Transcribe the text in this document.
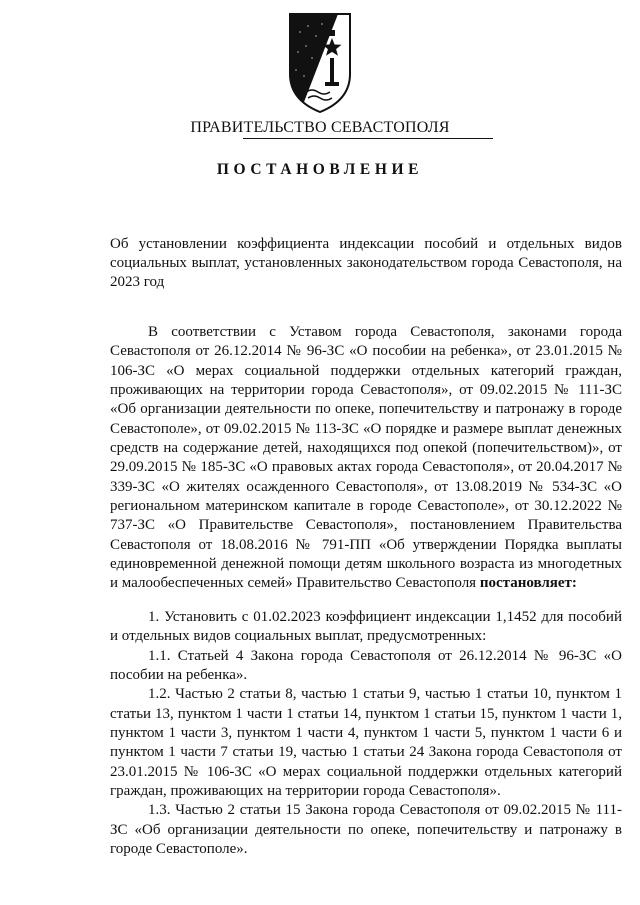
ПРАВИТЕЛЬСТВО СЕВАСТОПОЛЯ
ПОСТАНОВЛЕНИЕ
Об установлении коэффициента индексации пособий и отдельных видов социальных выплат, установленных законодательством города Севастополя, на 2023 год

В соответствии с Уставом города Севастополя, законами города Севастополя от 26.12.2014 № 96-ЗС «О пособии на ребенка», от 23.01.2015 № 106-ЗС «О мерах социальной поддержки отдельных категорий граждан, проживающих на территории города Севастополя», от 09.02.2015 № 111-ЗС «Об организации деятельности по опеке, попечительству и патронажу в городе Севастополе», от 09.02.2015 № 113-ЗС «О порядке и размере выплат денежных средств на содержание детей, находящихся под опекой (попечительством)», от 29.09.2015 № 185-ЗС «О правовых актах города Севастополя», от 20.04.2017 № 339-ЗС «О жителях осажденного Севастополя», от 13.08.2019 № 534-ЗС «О региональном материнском капитале в городе Севастополе», от 30.12.2022 № 737-ЗС «О Правительстве Севастополя», постановлением Правительства Севастополя от 18.08.2016 № 791-ПП «Об утверждении Порядка выплаты единовременной денежной помощи детям школьного возраста из многодетных и малообеспеченных семей» Правительство Севастополя постановляет:

1. Установить с 01.02.2023 коэффициент индексации 1,1452 для пособий и отдельных видов социальных выплат, предусмотренных:

1.1. Статьей 4 Закона города Севастополя от 26.12.2014 № 96-ЗС «О пособии на ребенка».

1.2. Частью 2 статьи 8, частью 1 статьи 9, частью 1 статьи 10, пунктом 1 статьи 13, пунктом 1 части 1 статьи 14, пунктом 1 статьи 15, пунктом 1 части 1, пунктом 1 части 3, пунктом 1 части 4, пунктом 1 части 5, пунктом 1 части 6 и пунктом 1 части 7 статьи 19, частью 1 статьи 24 Закона города Севастополя от 23.01.2015 № 106-ЗС «О мерах социальной поддержки отдельных категорий граждан, проживающих на территории города Севастополя».

1.3. Частью 2 статьи 15 Закона города Севастополя от 09.02.2015 № 111-ЗС «Об организации деятельности по опеке, попечительству и патронажу в городе Севастополе».
